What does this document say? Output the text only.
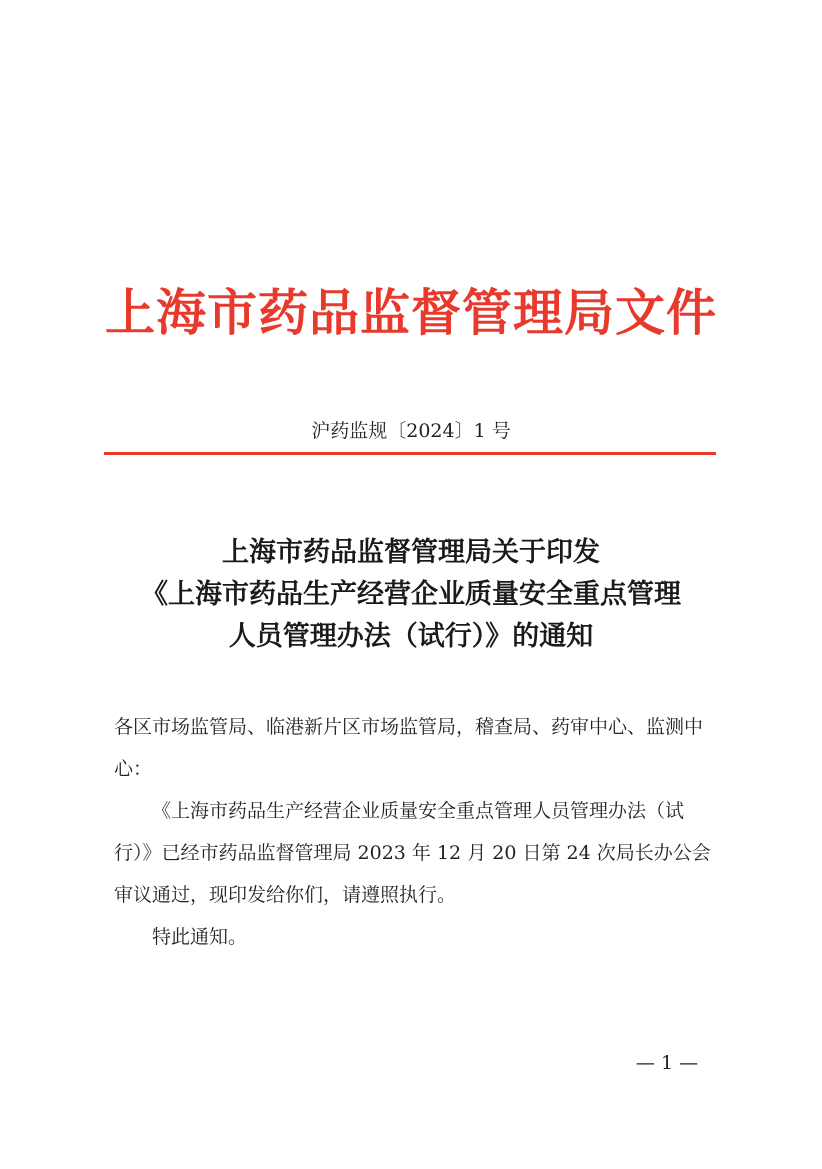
上海市药品监督管理局文件
沪药监规〔2024〕1 号
上海市药品监督管理局关于印发
《上海市药品生产经营企业质量安全重点管理
人员管理办法（试行）》的通知
各区市场监管局、临港新片区市场监管局，稽查局、药审中心、监测中心：
《上海市药品生产经营企业质量安全重点管理人员管理办法（试行）》已经市药品监督管理局 2023 年 12 月 20 日第 24 次局长办公会审议通过，现印发给你们，请遵照执行。
特此通知。
— 1 —
